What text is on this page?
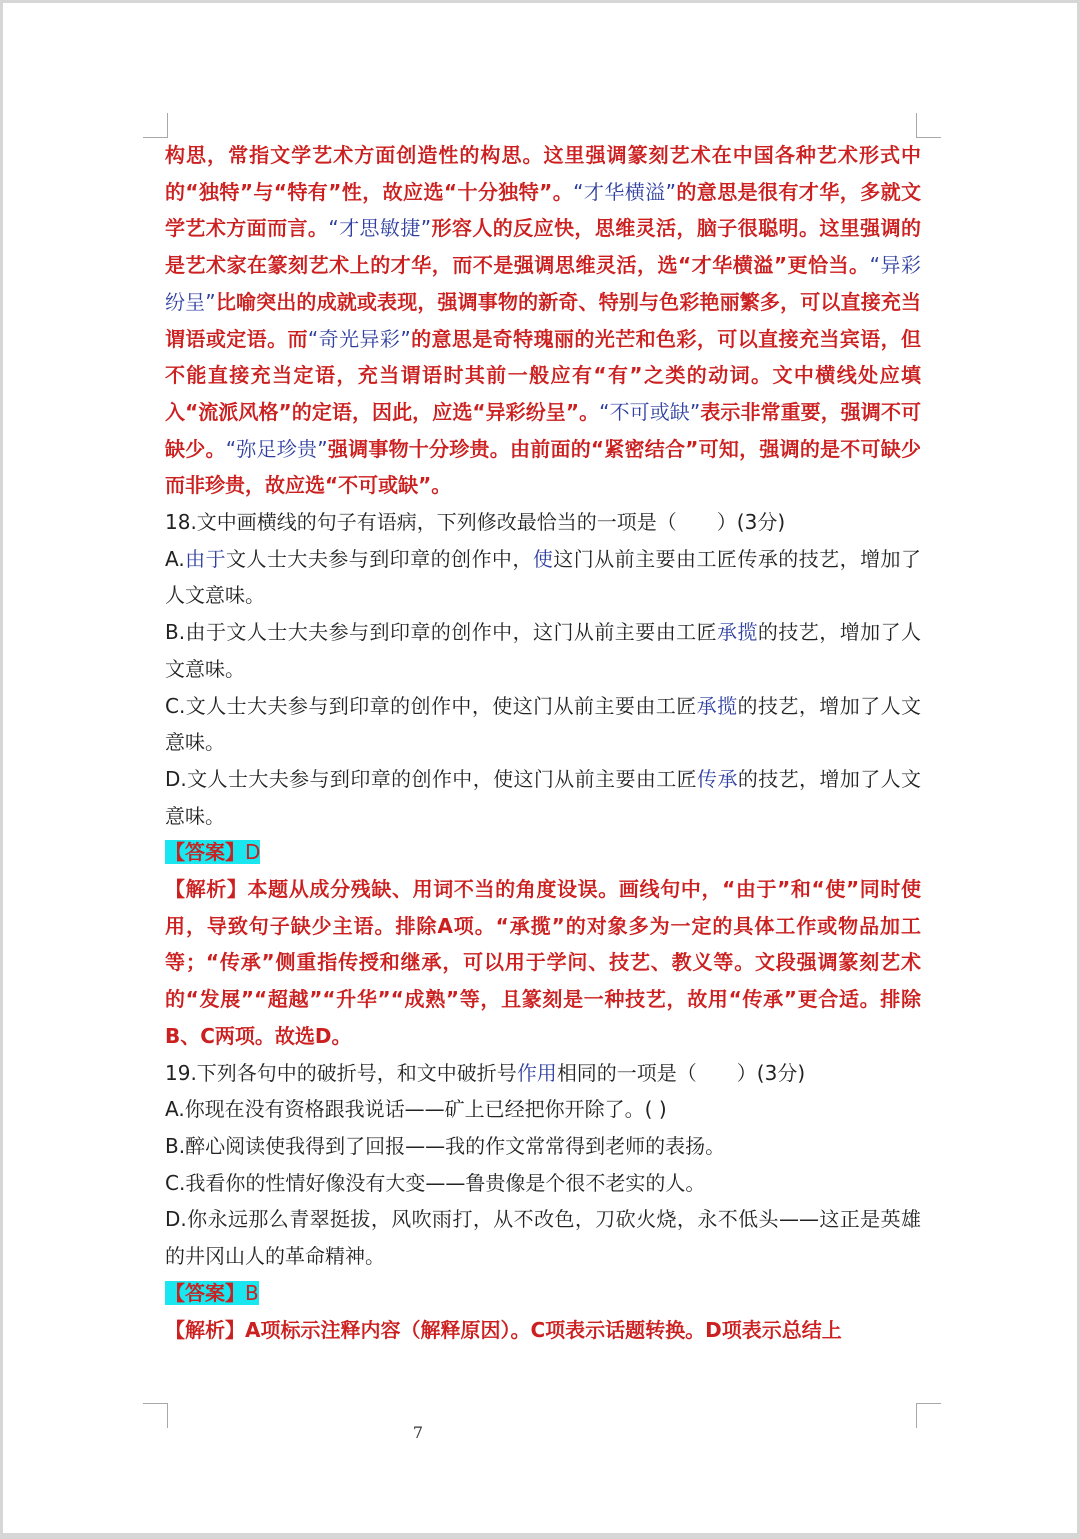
构思，常指文学艺术方面创造性的构思。这里强调篆刻艺术在中国各种艺术形式中的“独特”与“特有”性，故应选“十分独特”。“才华横溢”的意思是很有才华，多就文学艺术方面而言。“才思敏捷”形容人的反应快，思维灵活，脑子很聪明。这里强调的是艺术家在篆刻艺术上的才华，而不是强调思维灵活，选“才华横溢”更恰当。“异彩纷呈”比喻突出的成就或表现，强调事物的新奇、特别与色彩艳丽繁多，可以直接充当谓语或定语。而“奇光异彩”的意思是奇特瑰丽的光芒和色彩，可以直接充当宾语，但不能直接充当定语，充当谓语时其前一般应有“有”之类的动词。文中横线处应填入“流派风格”的定语，因此，应选“异彩纷呈”。“不可或缺”表示非常重要，强调不可缺少。“弥足珍贵”强调事物十分珍贵。由前面的“紧密结合”可知，强调的是不可缺少而非珍贵，故应选“不可或缺”。

18.文中画横线的句子有语病，下列修改最恰当的一项是（　　）(3分)

A.由于文人士大夫参与到印章的创作中，使这门从前主要由工匠传承的技艺，增加了人文意味。

B.由于文人士大夫参与到印章的创作中，这门从前主要由工匠承揽的技艺，增加了人文意味。

C.文人士大夫参与到印章的创作中，使这门从前主要由工匠承揽的技艺，增加了人文意味。

D.文人士大夫参与到印章的创作中，使这门从前主要由工匠传承的技艺，增加了人文意味。

【答案】D

【解析】本题从成分残缺、用词不当的角度设误。画线句中，“由于”和“使”同时使用，导致句子缺少主语。排除A项。“承揽”的对象多为一定的具体工作或物品加工等；“传承”侧重指传授和继承，可以用于学问、技艺、教义等。文段强调篆刻艺术的“发展”“超越”“升华”“成熟”等，且篆刻是一种技艺，故用“传承”更合适。排除B、C两项。故选D。

19.下列各句中的破折号，和文中破折号作用相同的一项是（　　）(3分)

A.你现在没有资格跟我说话——矿上已经把你开除了。( )

B.醉心阅读使我得到了回报——我的作文常常得到老师的表扬。

C.我看你的性情好像没有大变——鲁贵像是个很不老实的人。

D.你永远那么青翠挺拔，风吹雨打，从不改色，刀砍火烧，永不低头——这正是英雄的井冈山人的革命精神。

【答案】B

【解析】A项标示注释内容（解释原因）。C项表示话题转换。D项表示总结上

7
